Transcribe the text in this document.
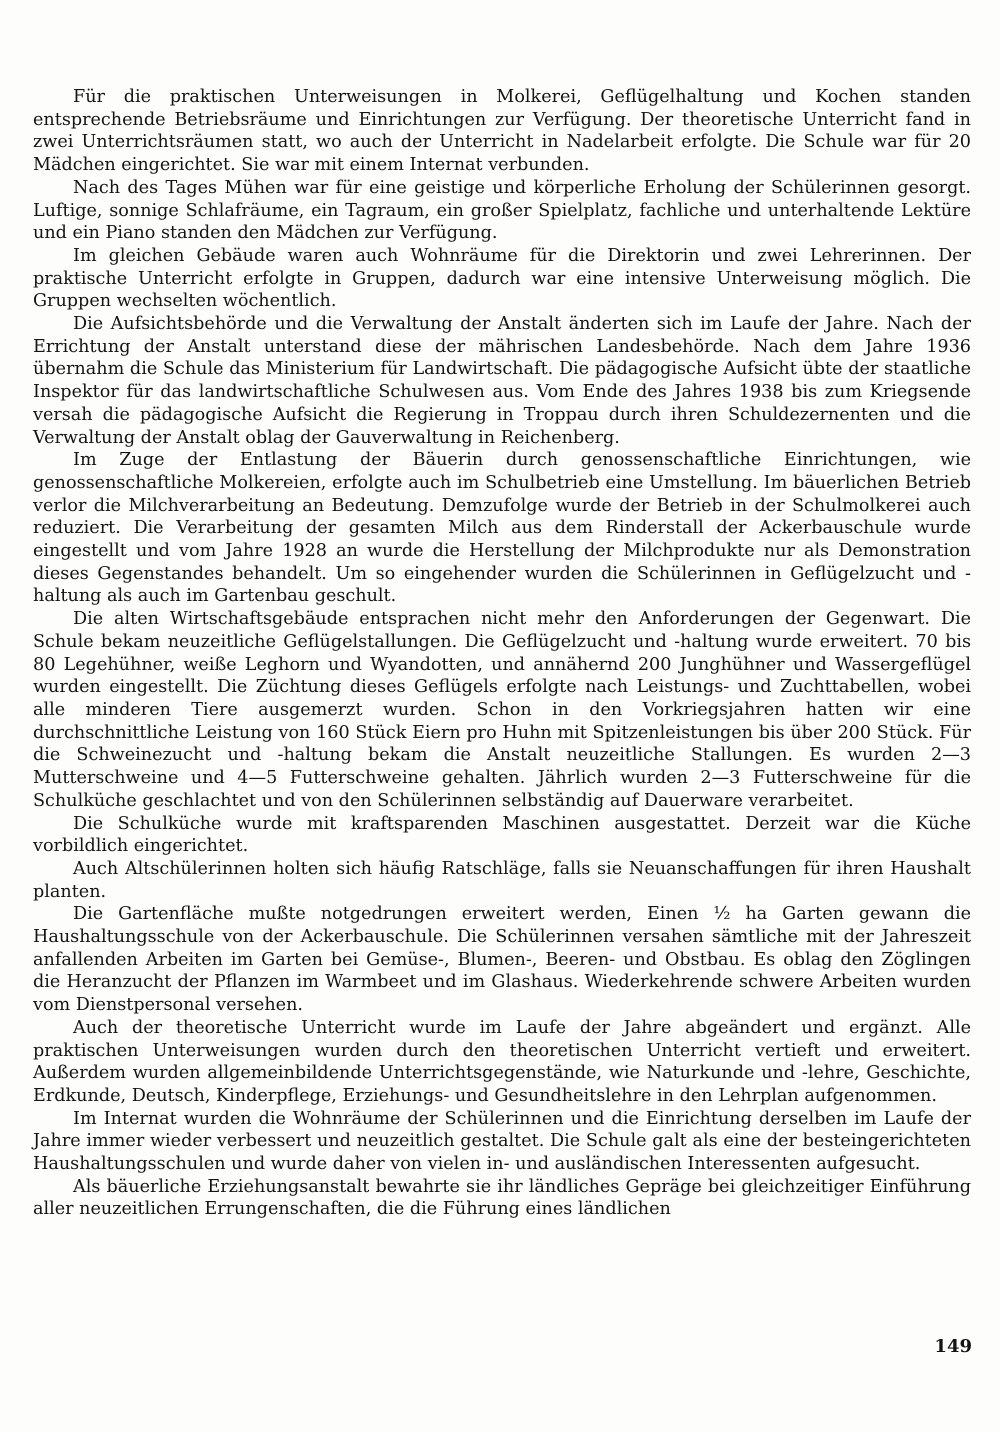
Für die praktischen Unterweisungen in Molkerei, Geflügelhaltung und Kochen standen entsprechende Betriebsräume und Einrichtungen zur Verfügung. Der theoretische Unterricht fand in zwei Unterrichtsräumen statt, wo auch der Unterricht in Nadelarbeit erfolgte. Die Schule war für 20 Mädchen eingerichtet. Sie war mit einem Internat verbunden.

Nach des Tages Mühen war für eine geistige und körperliche Erholung der Schülerinnen gesorgt. Luftige, sonnige Schlafräume, ein Tagraum, ein großer Spielplatz, fachliche und unterhaltende Lektüre und ein Piano standen den Mädchen zur Verfügung.

Im gleichen Gebäude waren auch Wohnräume für die Direktorin und zwei Lehrerinnen. Der praktische Unterricht erfolgte in Gruppen, dadurch war eine intensive Unterweisung möglich. Die Gruppen wechselten wöchentlich.

Die Aufsichtsbehörde und die Verwaltung der Anstalt änderten sich im Laufe der Jahre. Nach der Errichtung der Anstalt unterstand diese der mährischen Landesbehörde. Nach dem Jahre 1936 übernahm die Schule das Ministerium für Landwirtschaft. Die pädagogische Aufsicht übte der staatliche Inspektor für das landwirtschaftliche Schulwesen aus. Vom Ende des Jahres 1938 bis zum Kriegsende versah die pädagogische Aufsicht die Regierung in Troppau durch ihren Schuldezernenten und die Verwaltung der Anstalt oblag der Gauverwaltung in Reichenberg.

Im Zuge der Entlastung der Bäuerin durch genossenschaftliche Einrichtungen, wie genossenschaftliche Molkereien, erfolgte auch im Schulbetrieb eine Umstellung. Im bäuerlichen Betrieb verlor die Milchverarbeitung an Bedeutung. Demzufolge wurde der Betrieb in der Schulmolkerei auch reduziert. Die Verarbeitung der gesamten Milch aus dem Rinderstall der Ackerbauschule wurde eingestellt und vom Jahre 1928 an wurde die Herstellung der Milchprodukte nur als Demonstration dieses Gegenstandes behandelt. Um so eingehender wurden die Schülerinnen in Geflügelzucht und -haltung als auch im Gartenbau geschult.

Die alten Wirtschaftsgebäude entsprachen nicht mehr den Anforderungen der Gegenwart. Die Schule bekam neuzeitliche Geflügelstallungen. Die Geflügelzucht und -haltung wurde erweitert. 70 bis 80 Legehühner, weiße Leghorn und Wyandotten, und annähernd 200 Junghühner und Wassergeflügel wurden eingestellt. Die Züchtung dieses Geflügels erfolgte nach Leistungs- und Zuchttabellen, wobei alle minderen Tiere ausgemerzt wurden. Schon in den Vorkriegsjahren hatten wir eine durchschnittliche Leistung von 160 Stück Eiern pro Huhn mit Spitzenleistungen bis über 200 Stück. Für die Schweinezucht und -haltung bekam die Anstalt neuzeitliche Stallungen. Es wurden 2—3 Mutterschweine und 4—5 Futterschweine gehalten. Jährlich wurden 2—3 Futterschweine für die Schulküche geschlachtet und von den Schülerinnen selbständig auf Dauerware verarbeitet.

Die Schulküche wurde mit kraftsparenden Maschinen ausgestattet. Derzeit war die Küche vorbildlich eingerichtet.

Auch Altschülerinnen holten sich häufig Ratschläge, falls sie Neuanschaffungen für ihren Haushalt planten.

Die Gartenfläche mußte notgedrungen erweitert werden, Einen ½ ha Garten gewann die Haushaltungsschule von der Ackerbauschule. Die Schülerinnen versahen sämtliche mit der Jahreszeit anfallenden Arbeiten im Garten bei Gemüse-, Blumen-, Beeren- und Obstbau. Es oblag den Zöglingen die Heranzucht der Pflanzen im Warmbeet und im Glashaus. Wiederkehrende schwere Arbeiten wurden vom Dienstpersonal versehen.

Auch der theoretische Unterricht wurde im Laufe der Jahre abgeändert und ergänzt. Alle praktischen Unterweisungen wurden durch den theoretischen Unterricht vertieft und erweitert. Außerdem wurden allgemeinbildende Unterrichtsgegenstände, wie Naturkunde und -lehre, Geschichte, Erdkunde, Deutsch, Kinderpflege, Erziehungs- und Gesundheitslehre in den Lehrplan aufgenommen.

Im Internat wurden die Wohnräume der Schülerinnen und die Einrichtung derselben im Laufe der Jahre immer wieder verbessert und neuzeitlich gestaltet. Die Schule galt als eine der besteingerichteten Haushaltungsschulen und wurde daher von vielen in- und ausländischen Interessenten aufgesucht.

Als bäuerliche Erziehungsanstalt bewahrte sie ihr ländliches Gepräge bei gleichzeitiger Einführung aller neuzeitlichen Errungenschaften, die die Führung eines ländlichen

149
